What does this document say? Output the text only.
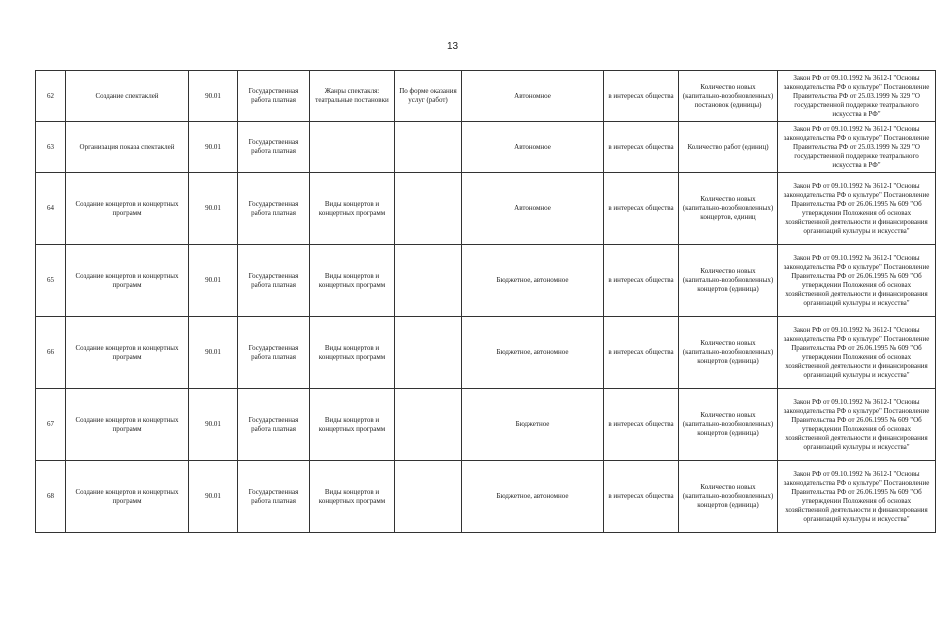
13
62	Создание спектаклей	90.01	Государственная работа платная	Жанры спектакля: театральные постановки	По форме оказания услуг (работ)	Автономное	в интересах общества	Количество новых (капитально-возобновленных) постановок (единицы)	Закон РФ от 09.10.1992 № 3612-I "Основы законодательства РФ о культуре" Постановление Правительства РФ от 25.03.1999 № 329 "О государственной поддержке театрального искусства в РФ"
63	Организация показа спектаклей	90.01	Государственная работа платная			Автономное	в интересах общества	Количество работ (единиц)	Закон РФ от 09.10.1992 № 3612-I "Основы законодательства РФ о культуре" Постановление Правительства РФ от 25.03.1999 № 329 "О государственной поддержке театрального искусства в РФ"
64	Создание концертов и концертных программ	90.01	Государственная работа платная	Виды концертов и концертных программ		Автономное	в интересах общества	Количество новых (капитально-возобновленных) концертов, единиц	Закон РФ от 09.10.1992 № 3612-I "Основы законодательства РФ о культуре" Постановление Правительства РФ от 26.06.1995 № 609 "Об утверждении Положения об основах хозяйственной деятельности и финансирования организаций культуры и искусства"
65	Создание концертов и концертных программ	90.01	Государственная работа платная	Виды концертов и концертных программ		Бюджетное, автономное	в интересах общества	Количество новых (капитально-возобновленных) концертов (единица)	Закон РФ от 09.10.1992 № 3612-I "Основы законодательства РФ о культуре" Постановление Правительства РФ от 26.06.1995 № 609 "Об утверждении Положения об основах хозяйственной деятельности и финансирования организаций культуры и искусства"
66	Создание концертов и концертных программ	90.01	Государственная работа платная	Виды концертов и концертных программ		Бюджетное, автономное	в интересах общества	Количество новых (капитально-возобновленных) концертов (единица)	Закон РФ от 09.10.1992 № 3612-I "Основы законодательства РФ о культуре" Постановление Правительства РФ от 26.06.1995 № 609 "Об утверждении Положения об основах хозяйственной деятельности и финансирования организаций культуры и искусства"
67	Создание концертов и концертных программ	90.01	Государственная работа платная	Виды концертов и концертных программ		Бюджетное	в интересах общества	Количество новых (капитально-возобновленных) концертов (единица)	Закон РФ от 09.10.1992 № 3612-I "Основы законодательства РФ о культуре" Постановление Правительства РФ от 26.06.1995 № 609 "Об утверждении Положения об основах хозяйственной деятельности и финансирования организаций культуры и искусства"
68	Создание концертов и концертных программ	90.01	Государственная работа платная	Виды концертов и концертных программ		Бюджетное, автономное	в интересах общества	Количество новых (капитально-возобновленных) концертов (единица)	Закон РФ от 09.10.1992 № 3612-I "Основы законодательства РФ о культуре" Постановление Правительства РФ от 26.06.1995 № 609 "Об утверждении Положения об основах хозяйственной деятельности и финансирования организаций культуры и искусства"
